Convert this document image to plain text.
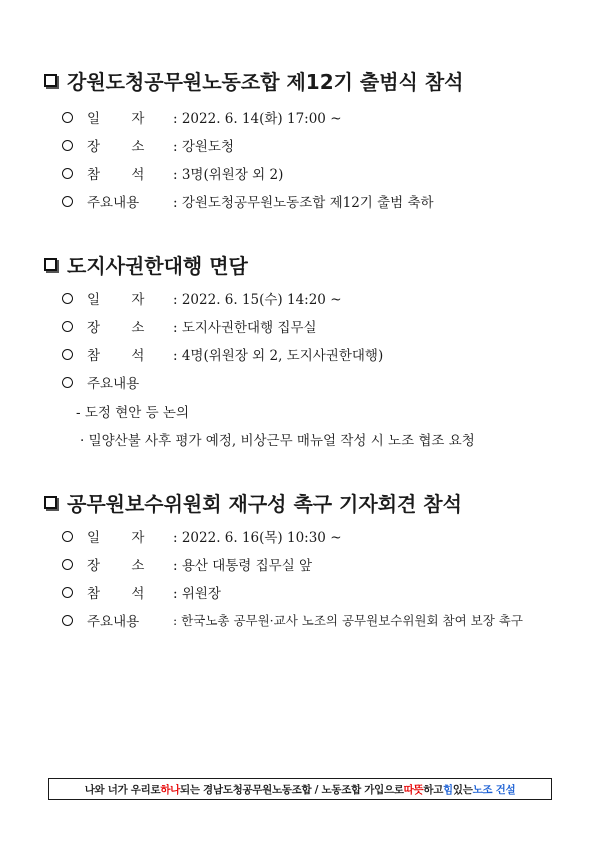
강원도청공무원노동조합 제12기 출범식 참석
일　　 자	: 2022. 6. 14(화) 17:00 ~
장　　 소	: 강원도청
참　　 석	: 3명(위원장 외 2)
주요내용	: 강원도청공무원노동조합 제12기 출범 축하
도지사권한대행 면담
일　　 자	: 2022. 6. 15(수) 14:20 ~
장　　 소	: 도지사권한대행 집무실
참　　 석	: 4명(위원장 외 2, 도지사권한대행)
주요내용
- 도정 현안 등 논의
· 밀양산불 사후 평가 예정, 비상근무 매뉴얼 작성 시 노조 협조 요청
공무원보수위원회 재구성 촉구 기자회견 참석
일　　 자	: 2022. 6. 16(목) 10:30 ~
장　　 소	: 용산 대통령 집무실 앞
참　　 석	: 위원장
주요내용	: 한국노총 공무원·교사 노조의 공무원보수위원회 참여 보장 촉구
나와 너가 우리로 하나 되는 경남도청공무원노동조합 / 노동조합 가입으로 따뜻 하고 힘 있는 노조 건설
